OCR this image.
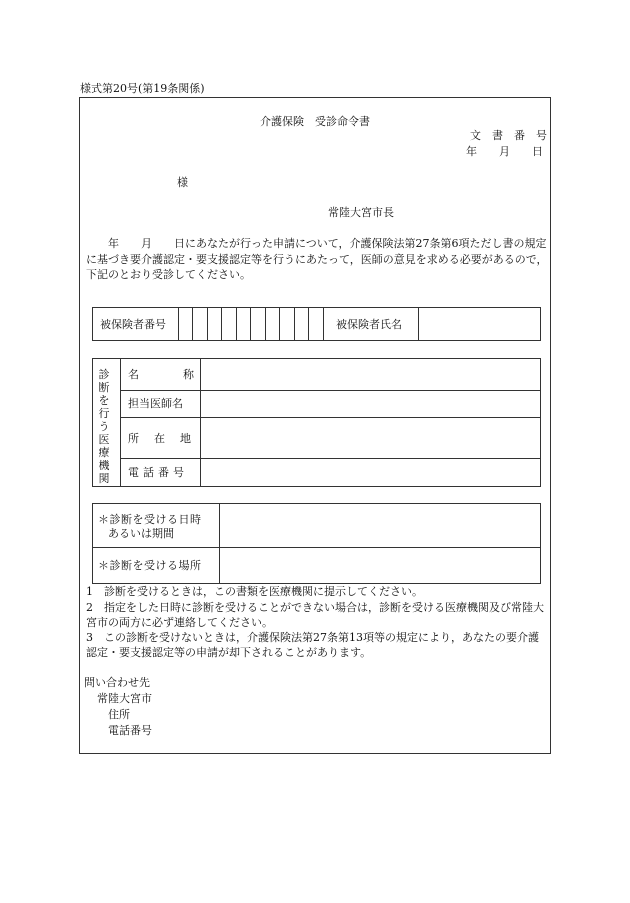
様式第20号(第19条関係)
介護保険　受診命令書
文　書　番　号
年　　月　　日
様
常陸大宮市長
　　年　　月　　日にあなたが行った申請について，介護保険法第27条第6項ただし書の規定に基づき要介護認定・要支援認定等を行うにあたって，医師の意見を求める必要があるので，下記のとおり受診してください。
被保険者番号	被保険者氏名
診断を行う医療機関
名　　　　称
担当医師名
所　在　地
電話番号
＊診断を受ける日時
あるいは期間
＊診断を受ける場所
1　診断を受けるときは，この書類を医療機関に提示してください。
2　指定をした日時に診断を受けることができない場合は，診断を受ける医療機関及び常陸大宮市の両方に必ず連絡してください。
3　この診断を受けないときは，介護保険法第27条第13項等の規定により，あなたの要介護認定・要支援認定等の申請が却下されることがあります。
問い合わせ先
常陸大宮市
住所
電話番号
